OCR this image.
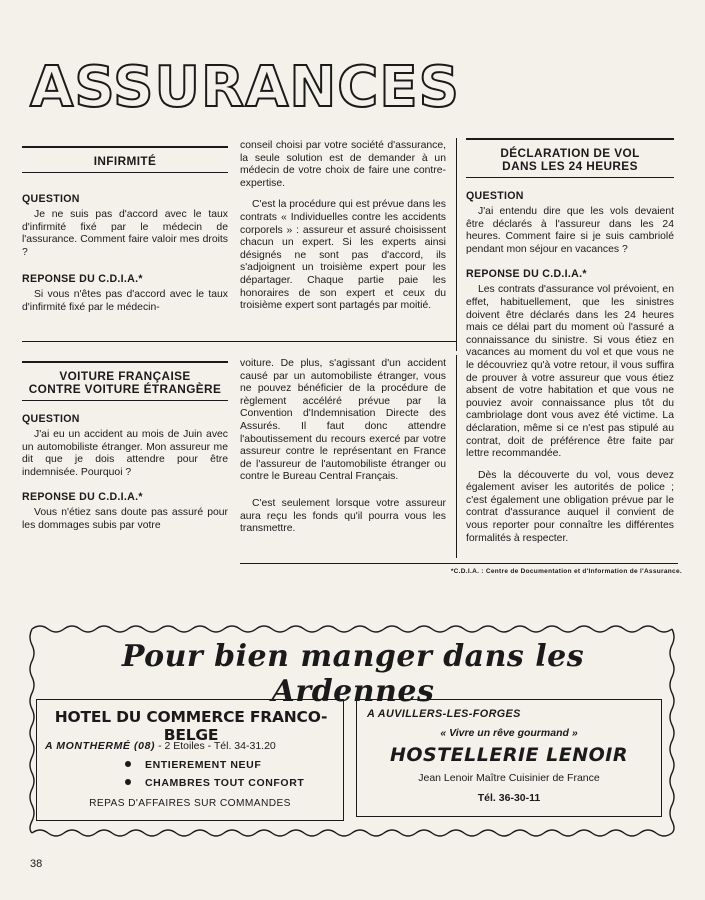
ASSURANCES
INFIRMITÉ
QUESTION

Je ne suis pas d'accord avec le taux d'infirmité fixé par le médecin de l'assurance. Comment faire valoir mes droits ?

REPONSE DU C.D.I.A.*

Si vous n'êtes pas d'accord avec le taux d'infirmité fixé par le médecin-

conseil choisi par votre société d'assurance, la seule solution est de demander à un médecin de votre choix de faire une contre-expertise.

C'est la procédure qui est prévue dans les contrats « Individuelles contre les accidents corporels » : assureur et assuré choisissent chacun un expert. Si les experts ainsi désignés ne sont pas d'accord, ils s'adjoignent un troisième expert pour les départager. Chaque partie paie les honoraires de son expert et ceux du troisième expert sont partagés par moitié.

DÉCLARATION DE VOL
DANS LES 24 HEURES
QUESTION

J'ai entendu dire que les vols devaient être déclarés à l'assureur dans les 24 heures. Comment faire si je suis cambriolé pendant mon séjour en vacances ?

REPONSE DU C.D.I.A.*

Les contrats d'assurance vol prévoient, en effet, habituellement, que les sinistres doivent être déclarés dans les 24 heures mais ce délai part du moment où l'assuré a connaissance du sinistre. Si vous étiez en vacances au moment du vol et que vous ne le découvriez qu'à votre retour, il vous suffira de prouver à votre assureur que vous étiez absent de votre habitation et que vous ne pouviez avoir connaissance plus tôt du cambriolage dont vous avez été victime. La déclaration, même si ce n'est pas stipulé au contrat, doit de préférence être faite par lettre recommandée.

Dès la découverte du vol, vous devez également aviser les autorités de police ; c'est également une obligation prévue par le contrat d'assurance auquel il convient de vous reporter pour connaître les différentes formalités à respecter.

VOITURE FRANÇAISE
CONTRE VOITURE ÉTRANGÈRE
QUESTION

J'ai eu un accident au mois de Juin avec un automobiliste étranger. Mon assureur me dit que je dois attendre pour être indemnisée. Pourquoi ?

REPONSE DU C.D.I.A.*

Vous n'étiez sans doute pas assuré pour les dommages subis par votre

voiture. De plus, s'agissant d'un accident causé par un automobiliste étranger, vous ne pouvez bénéficier de la procédure de règlement accéléré prévue par la Convention d'Indemnisation Directe des Assurés. Il faut donc attendre l'aboutissement du recours exercé par votre assureur contre le représentant en France de l'assureur de l'automobiliste étranger ou contre le Bureau Central Français.

C'est seulement lorsque votre assureur aura reçu les fonds qu'il pourra vous les transmettre.

*C.D.I.A. : Centre de Documentation et d'Information de l'Assurance.
Pour bien manger dans les Ardennes
HOTEL DU COMMERCE FRANCO-BELGE
A MONTHERMÉ (08) - 2 Etoiles - Tél. 34-31.20
ENTIEREMENT NEUF
CHAMBRES TOUT CONFORT
REPAS D'AFFAIRES SUR COMMANDES
A AUVILLERS-LES-FORGES
« Vivre un rêve gourmand »
HOSTELLERIE LENOIR
Jean Lenoir Maître Cuisinier de France
Tél. 36-30-11
38
